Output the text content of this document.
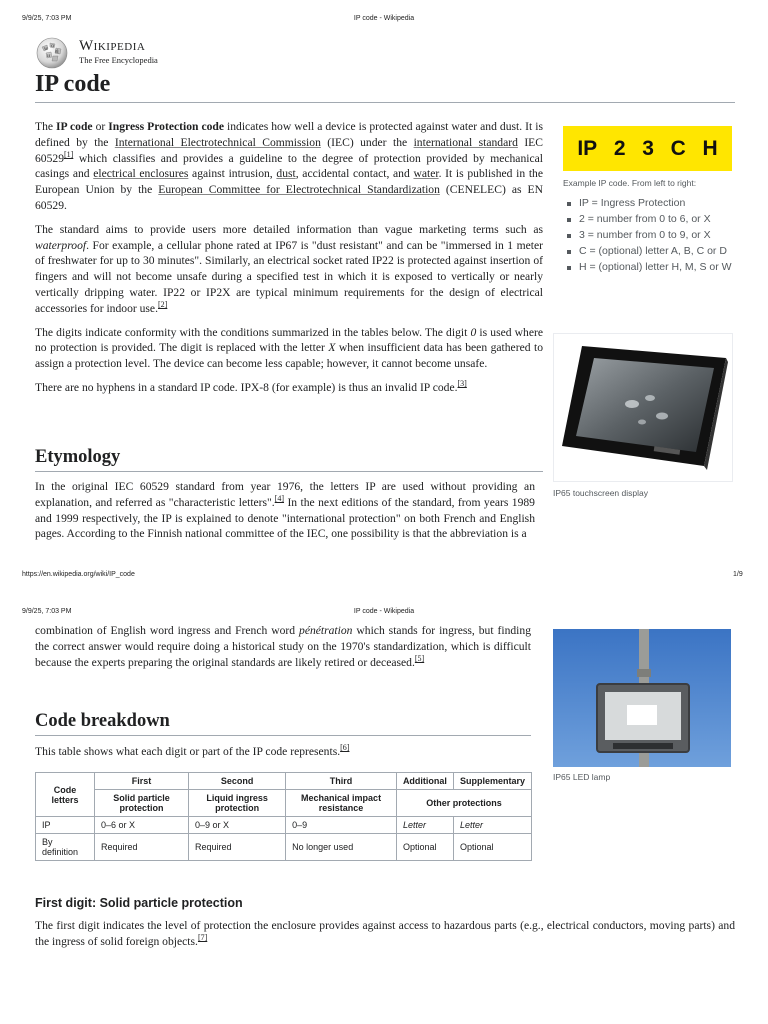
9/9/25, 7:03 PM	IP code - Wikipedia
W
Ω
И
維 Wikipedia
The Free Encyclopedia
IP code

The IP code or Ingress Protection code indicates how well a device is protected against water and dust. It is defined by the International Electrotechnical Commission (IEC) under the international standard IEC 60529[1] which classifies and provides a guideline to the degree of protection provided by mechanical casings and electrical enclosures against intrusion, dust, accidental contact, and water. It is published in the European Union by the European Committee for Electrotechnical Standardization (CENELEC) as EN 60529.

The standard aims to provide users more detailed information than vague marketing terms such as waterproof. For example, a cellular phone rated at IP67 is "dust resistant" and can be "immersed in 1 meter of freshwater for up to 30 minutes". Similarly, an electrical socket rated IP22 is protected against insertion of fingers and will not become unsafe during a specified test in which it is exposed to vertically or nearly vertically dripping water. IP22 or IP2X are typical minimum requirements for the design of electrical accessories for indoor use.[2]

The digits indicate conformity with the conditions summarized in the tables below. The digit 0 is used where no protection is provided. The digit is replaced with the letter X when insufficient data has been gathered to assign a protection level. The device can become less capable; however, it cannot become unsafe.

There are no hyphens in a standard IP code. IPX-8 (for example) is thus an invalid IP code.[3]

IP 2 3 C H
Example IP code. From left to right:
IP = Ingress Protection
2 = number from 0 to 6, or X
3 = number from 0 to 9, or X
C = (optional) letter A, B, C or D
H = (optional) letter H, M, S or W
IP65 touchscreen display
Etymology

In the original IEC 60529 standard from year 1976, the letters IP are used without providing an explanation, and referred as "characteristic letters".[4] In the next editions of the standard, from years 1989 and 1999 respectively, the IP is explained to denote "international protection" on both French and English pages. According to the Finnish national committee of the IEC, one possibility is that the abbreviation is a

https://en.wikipedia.org/wiki/IP_code	1/9
9/9/25, 7:03 PM	IP code - Wikipedia

combination of English word ingress and French word pénétration which stands for ingress, but finding the correct answer would require doing a historical study on the 1970's standardization, which is difficult because the experts preparing the original standards are likely retired or deceased.[5]

IP65 LED lamp
Code breakdown

This table shows what each digit or part of the IP code represents.[6]

Code letters	First	Second	Third	Additional	Supplementary
	Solid particle protection	Liquid ingress protection	Mechanical impact resistance	Other protections	
IP	0–6 or X	0–9 or X	0–9	Letter	Letter
By definition	Required	Required	No longer used	Optional	Optional
First digit: Solid particle protection

The first digit indicates the level of protection the enclosure provides against access to hazardous parts (e.g., electrical conductors, moving parts) and the ingress of solid foreign objects.[7]
